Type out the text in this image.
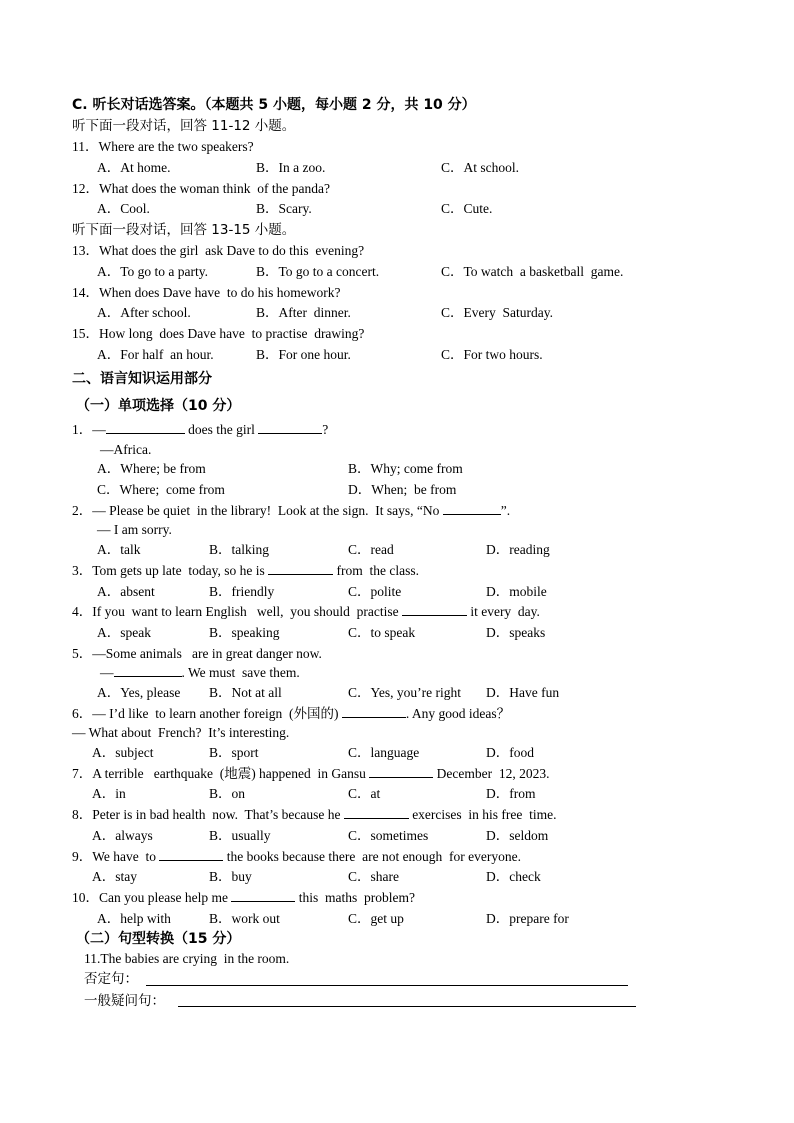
C. 听长对话选答案。（本题共 5 小题，每小题 2 分，共 10 分）
听下面一段对话，回答 11-12 小题。
11．Where are the two speakers?
A．At home.	B．In a zoo.	C．At school.
12．What does the woman think  of the panda?
A．Cool.	B．Scary.	C．Cute.
听下面一段对话，回答 13-15 小题。
13．What does the girl  ask Dave to do this  evening?
A．To go to a party.	B．To go to a concert.	C．To watch  a basketball  game.
14．When does Dave have  to do his homework?
A．After school.	B．After  dinner.	C．Every  Saturday.
15．How long  does Dave have  to practise  drawing?
A．For half  an hour.	B．For one hour.	C．For two hours.
二、语言知识运用部分
（一）单项选择（10 分）
1．—	does the girl	?
—Africa.
A．Where; be from	B．Why; come from
C．Where;  come from	D．When;  be from
2．— Please be quiet  in the library!  Look at the sign.  It says, “No	”.
— I am sorry.
A．talk	B．talking	C．read	D．reading
3．Tom gets up late  today, so he is	from  the class.
A．absent	B．friendly	C．polite	D．mobile
4．If you  want to learn English   well,  you should  practise	it every  day.
A．speak	B．speaking	C．to speak	D．speaks
5．—Some animals   are in great danger now.
—	. We must  save them.
A．Yes, please B．Not at all	C．Yes, you’re right D．Have fun
6．— I’d like  to learn another foreign  (外国的)	. Any good ideas？
— What about  French?  It’s interesting.
A．subject	B．sport	C．language	D．food
7．A terrible   earthquake  (地震) happened  in Gansu	December  12, 2023.
A．in	B．on	C．at	D．from
8．Peter is in bad health  now.  That’s because he	exercises  in his free  time.
A．always	B．usually	C．sometimes	D．seldom
9．We have  to	the books because there  are not enough  for everyone.
A．stay	B．buy	C．share	D．check
10．Can you please help me	this  maths  problem?
A．help with	B．work out	C．get up	D．prepare for
（二）句型转换（15 分）
11.The babies are crying  in the room.
否定句：
一般疑问句：
